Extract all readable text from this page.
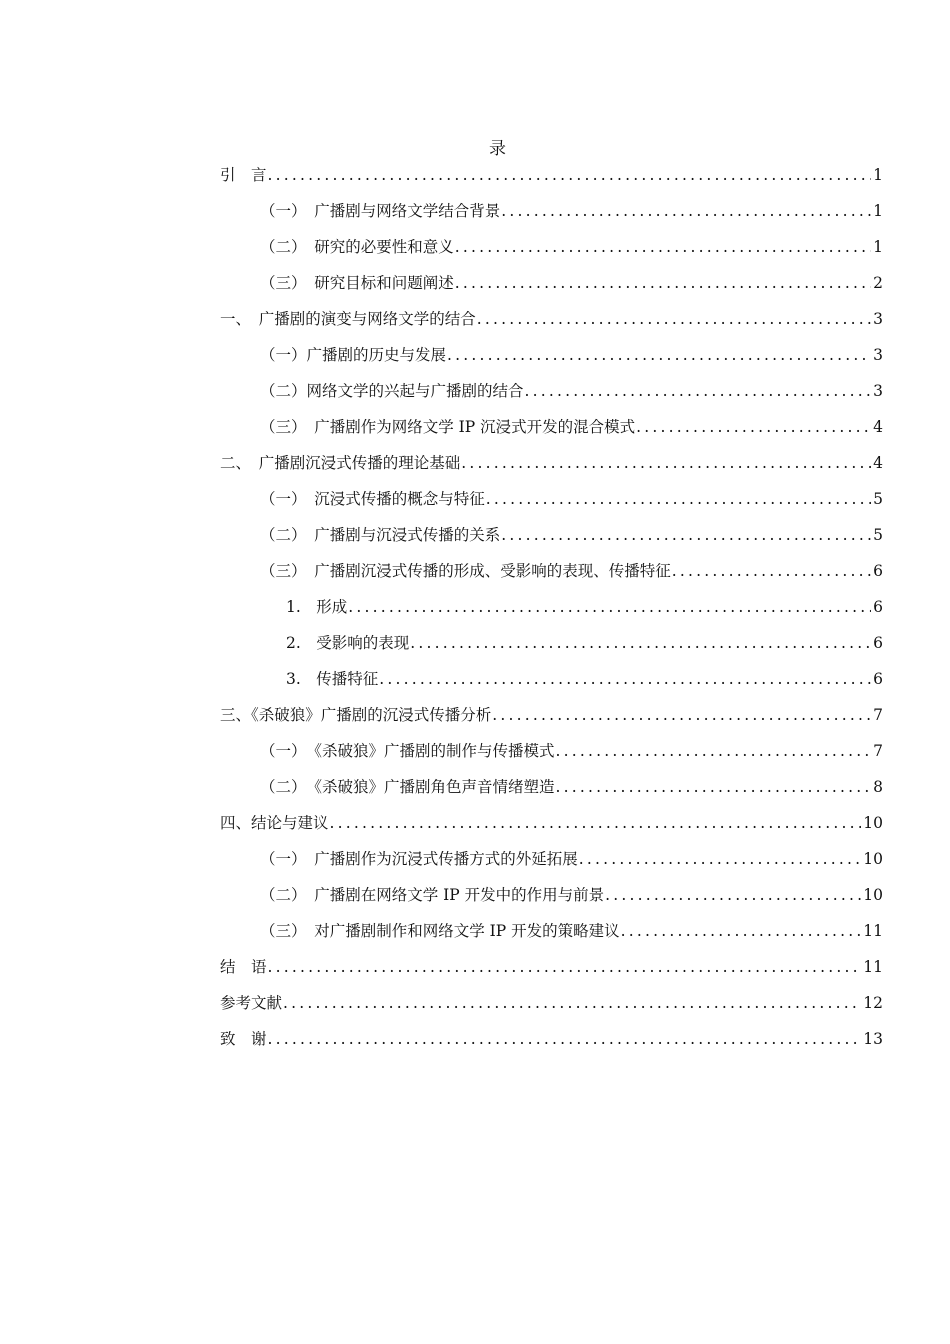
录
引　言 .....	1
（一）　广播剧与网络文学结合背景 .....	1
（二）　研究的必要性和意义 .....	1
（三）　研究目标和问题阐述 .....	2
一、　广播剧的演变与网络文学的结合 .....	3
（一）广播剧的历史与发展 .....	3
（二）网络文学的兴起与广播剧的结合 .....	3
（三）　广播剧作为网络文学 IP 沉浸式开发的混合模式 .....	4
二、　广播剧沉浸式传播的理论基础 .....	4
（一）　沉浸式传播的概念与特征 .....	5
（二）　广播剧与沉浸式传播的关系 .....	5
（三）　广播剧沉浸式传播的形成、受影响的表现、传播特征 .....	6
1.　形成 .....	6
2.　受影响的表现 .....	6
3.　传播特征 .....	6
三、《杀破狼》广播剧的沉浸式传播分析 .....	7
（一）　《杀破狼》广播剧的制作与传播模式 .....	7
（二）　《杀破狼》广播剧角色声音情绪塑造 .....	8
四、结论与建议 .....	10
（一）　广播剧作为沉浸式传播方式的外延拓展 .....	10
（二）　广播剧在网络文学 IP 开发中的作用与前景 .....	10
（三）　对广播剧制作和网络文学 IP 开发的策略建议 .....	11
结　语 .....	11
参考文献 .....	12
致　谢 .....	13
